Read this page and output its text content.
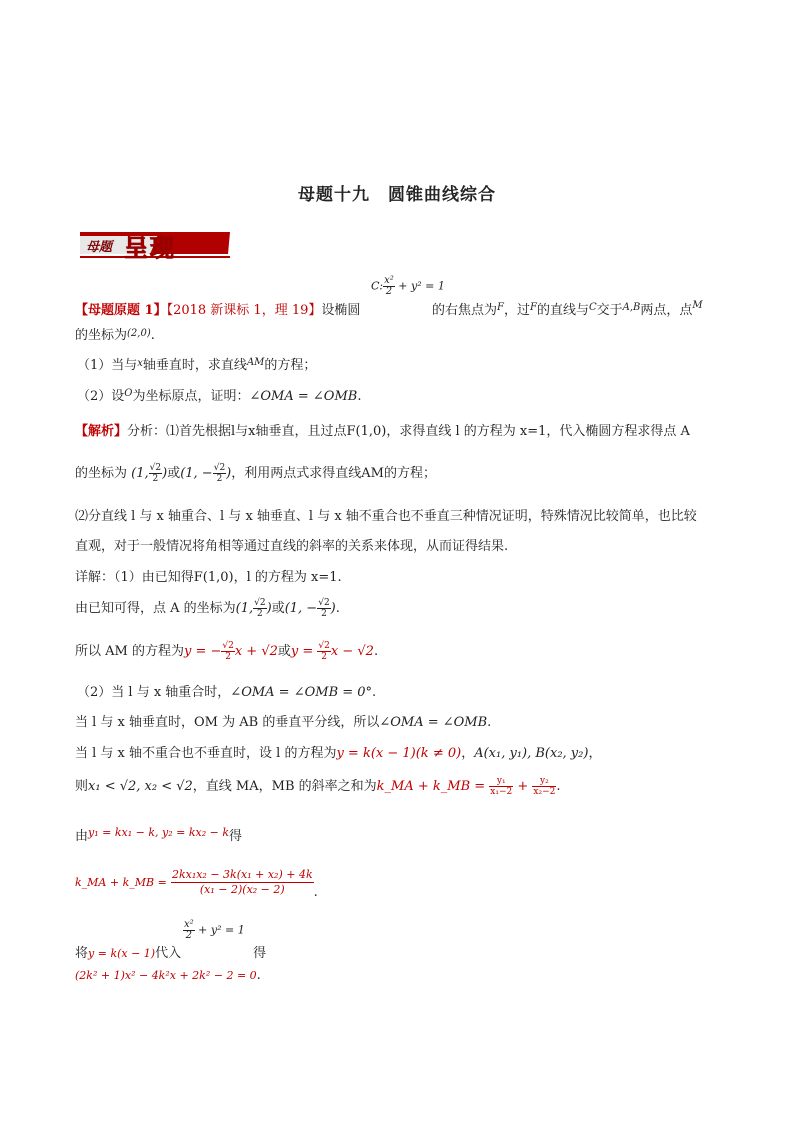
母题十九　圆锥曲线综合
母题 呈现
【母题原题 1】【2018 新课标 1，理 19】设椭圆
C: $\frac{\text{x²}}{2} + y^2 = 1$
的右焦点为$^F$，过$^F$的直线与$^C$交于$^{A,B}$两点，点$^M$
的坐标为$^{(2,0)}$.
（1）当与$^x$轴垂直时，求直线$^{AM}$的方程；
（2）设$^O$为坐标原点，证明：∠OMA = ∠OMB.
【解析】分析：⑴首先根据l与x轴垂直，且过点F(1,0)，求得直线 l 的方程为 x=1，代入椭圆方程求得点 A
的坐标为 (1, $\frac{√2}{2}$ )或(1, − $\frac{√2}{2}$ )，利用两点式求得直线AM的方程；
⑵分直线 l 与 x 轴重合、l 与 x 轴垂直、l 与 x 轴不重合也不垂直三种情况证明，特殊情况比较简单，也比较
直观，对于一般情况将角相等通过直线的斜率的关系来体现，从而证得结果.
详解：（1）由已知得F(1,0)，l 的方程为 x=1.
由已知可得，点 A 的坐标为(1, $\frac{√2}{2}$ )或(1, − $\frac{√2}{2}$ ).
所以 AM 的方程为y = − $\frac{√2}{2}$ x + √2或$y = \frac{√2}{2}$ x − √2.
（2）当 l 与 x 轴重合时，∠OMA = ∠OMB = 0°.
当 l 与 x 轴垂直时，OM 为 AB 的垂直平分线，所以∠OMA = ∠OMB.
当 l 与 x 轴不重合也不垂直时，设 l 的方程为y = k(x − 1)(k ≠ 0)，A(x₁, y₁), B(x₂, y₂)，
则x₁ < √2, x₂ < √2，直线 MA，MB 的斜率之和为k_MA + k_MB = $\frac{\text{y₁}}{\text{x₁−2}} + \frac{\text{y₂}}{\text{x₂−2}}$ .
由$^{y_1 = kx_1 - k, y_2 = kx_2 - k}$得
k_MA + k_MB = $\frac{\text{2kx₁x₂ − 3k(x₁ + x₂) + 4k}}{\text{(x₁ − 2)(x₂ − 2)}}$ .
$\frac{\text{x²}}{2} + y^2 = 1$
将y = k(x − 1)代入	得
(2k² + 1)x² − 4k²x + 2k² − 2 = 0.
